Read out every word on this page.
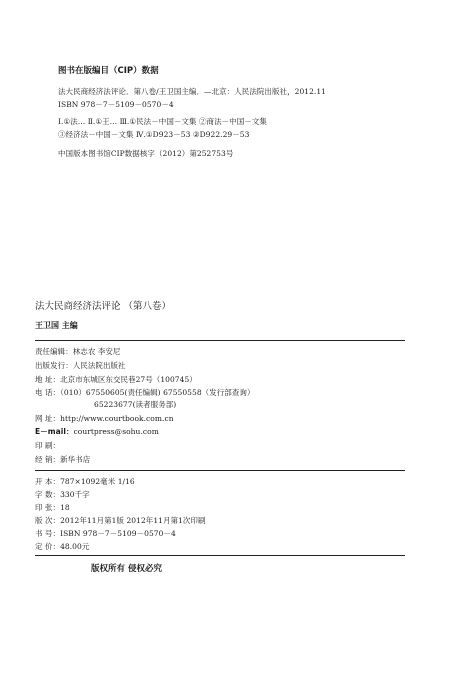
图书在版编目（CIP）数据
法大民商经济法评论．第八卷/王卫国主编．—北京：人民法院出版社，2012.11
ISBN 978－7－5109－0570－4
Ⅰ.①法… Ⅱ.①王… Ⅲ.①民法－中国－文集 ②商法－中国－文集
③经济法－中国－文集 Ⅳ.①D923－53 ②D922.29－53
中国版本图书馆CIP数据核字（2012）第252753号
法大民商经济法评论 （第八卷）
王卫国 主编
责任编辑：林志农 李安尼
出版发行：人民法院出版社
地 址：北京市东城区东交民巷27号（100745）
电 话：（010）67550605(责任编辑) 67550558（发行部查询）
65223677(读者服务部)
网 址：http://www.courtbook.com.cn
E－mail：courtpress@sohu.com
印 刷：
经 销：新华书店
开 本：787×1092毫米 1/16
字 数：330千字
印 张：18
版 次：2012年11月第1版 2012年11月第1次印刷
书 号：ISBN 978－7－5109－0570－4
定 价：48.00元
版权所有 侵权必究
